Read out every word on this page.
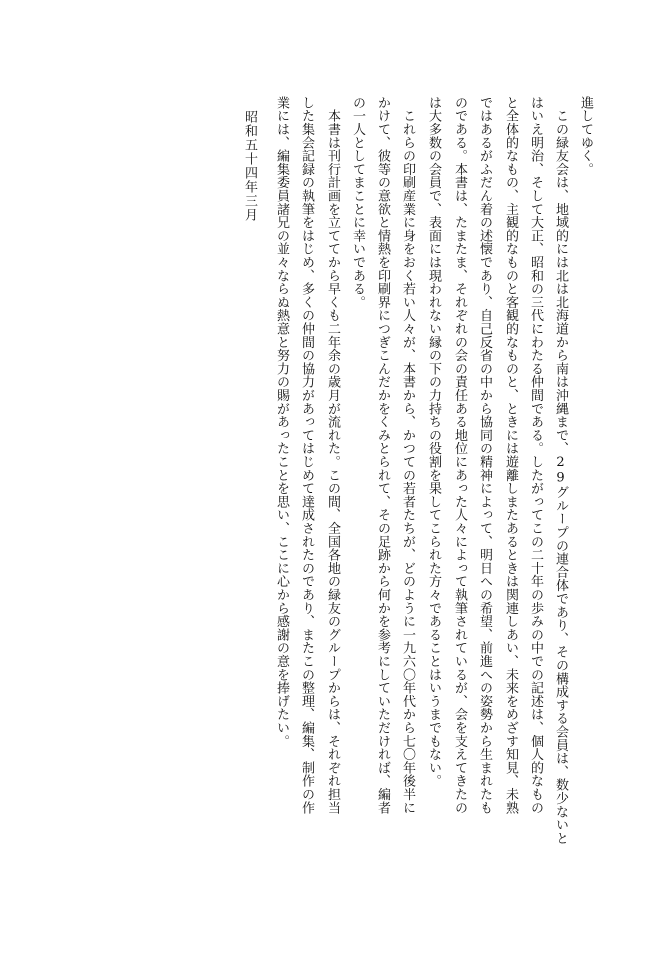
進してゆく。
　この緑友会は、地域的には北は北海道から南は沖縄まで、29グループの連合体であり、その構成する会員は、数少ないと
はいえ明治、そして大正、昭和の三代にわたる仲間である。したがってこの二十年の歩みの中での記述は、個人的なもの
と全体的なもの、主観的なものと客観的なものと、ときには遊離しまたあるときは関連しあい、未来をめざす知見、未熟
ではあるがふだん着の述懐であり、自己反省の中から協同の精神によって、明日への希望、前進への姿勢から生まれたも
のである。本書は、たまたま、それぞれの会の責任ある地位にあった人々によって執筆されているが、会を支えてきたの
は大多数の会員で、表面には現われない縁の下の力持ちの役割を果してこられた方々であることはいうまでもない。
　これらの印刷産業に身をおく若い人々が、本書から、かつての若者たちが、どのように一九六〇年代から七〇年後半に
かけて、彼等の意欲と情熱を印刷界につぎこんだかをくみとられて、その足跡から何かを参考にしていただければ、編者
の一人としてまことに幸いである。
　本書は刊行計画を立ててから早くも二年余の歳月が流れた。この間、全国各地の緑友のグループからは、それぞれ担当
した集会記録の執筆をはじめ、多くの仲間の協力があってはじめて達成されたのであり、またこの整理、編集、制作の作
業には、編集委員諸兄の並々ならぬ熱意と努力の賜があったことを思い、ここに心から感謝の意を捧げたい。
昭和五十四年三月
